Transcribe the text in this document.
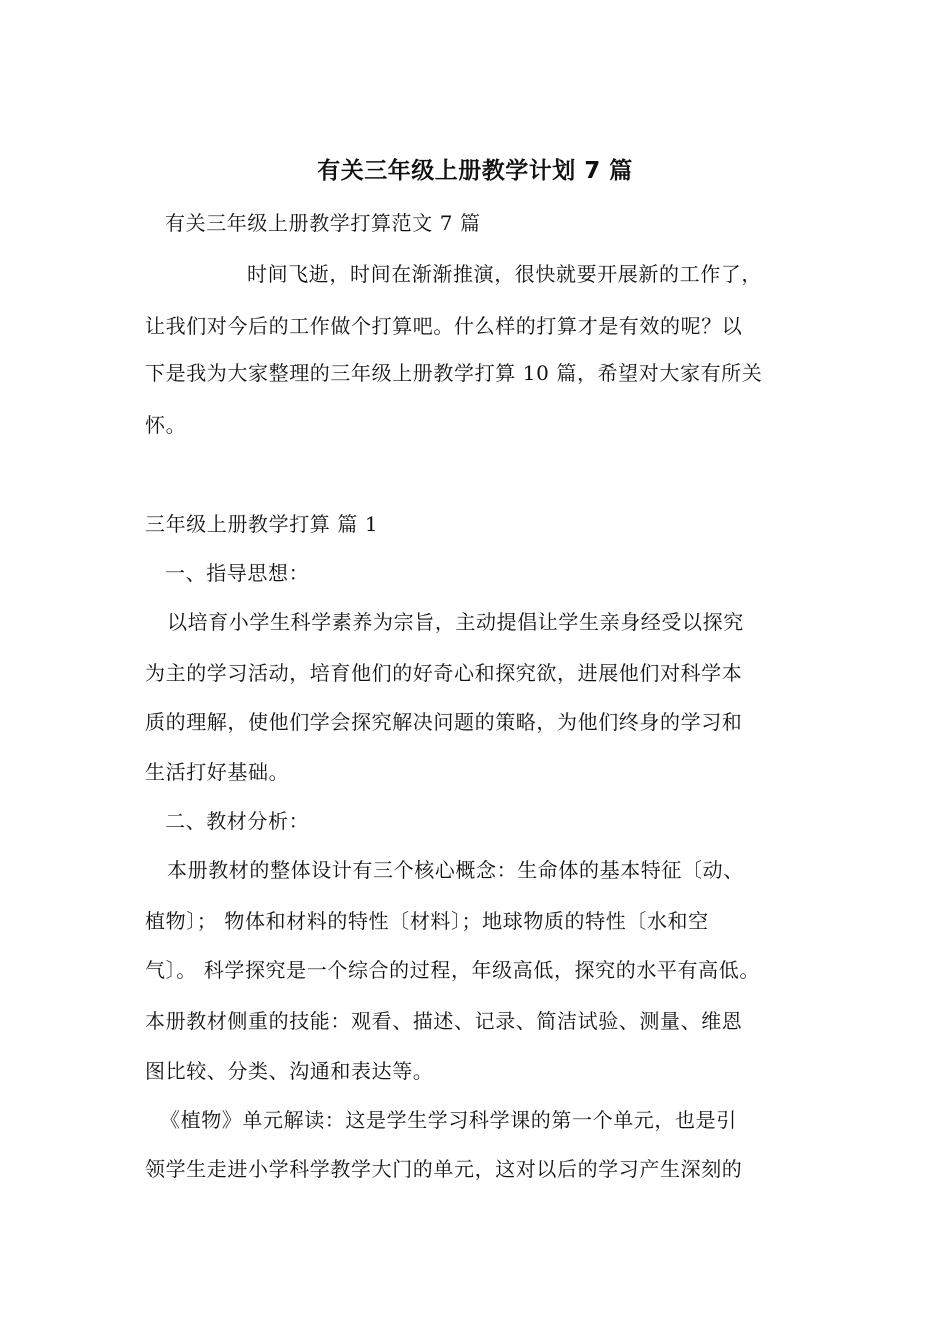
有关三年级上册教学计划 7 篇
有关三年级上册教学打算范文 7 篇
时间飞逝，时间在渐渐推演，很快就要开展新的工作了，
让我们对今后的工作做个打算吧。什么样的打算才是有效的呢？以
下是我为大家整理的三年级上册教学打算 10 篇，希望对大家有所关
怀。
三年级上册教学打算 篇 1
一、指导思想：
以培育小学生科学素养为宗旨，主动提倡让学生亲身经受以探究
为主的学习活动，培育他们的好奇心和探究欲，进展他们对科学本
质的理解，使他们学会探究解决问题的策略，为他们终身的学习和
生活打好基础。
二、教材分析：
本册教材的整体设计有三个核心概念：生命体的基本特征〔动、
植物〕； 物体和材料的特性〔材料〕；地球物质的特性〔水和空
气〕。 科学探究是一个综合的过程，年级高低，探究的水平有高低。
本册教材侧重的技能：观看、描述、记录、简洁试验、测量、维恩
图比较、分类、沟通和表达等。
《植物》单元解读：这是学生学习科学课的第一个单元，也是引
领学生走进小学科学教学大门的单元，这对以后的学习产生深刻的
